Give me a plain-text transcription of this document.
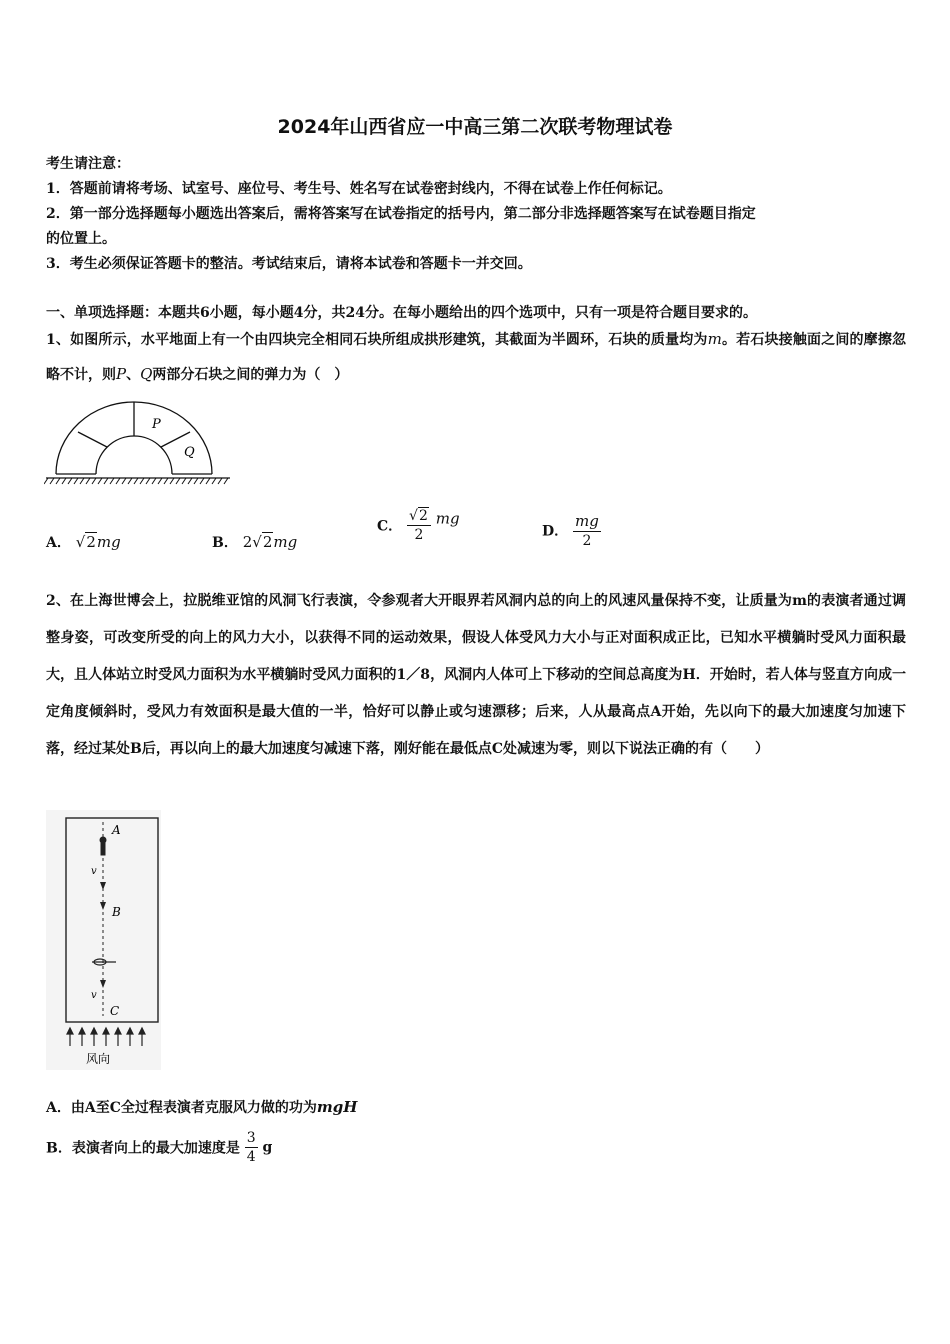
2024年山西省应一中高三第二次联考物理试卷
考生请注意：
1．答题前请将考场、试室号、座位号、考生号、姓名写在试卷密封线内，不得在试卷上作任何标记。
2．第一部分选择题每小题选出答案后，需将答案写在试卷指定的括号内，第二部分非选择题答案写在试卷题目指定
的位置上。
3．考生必须保证答题卡的整洁。考试结束后，请将本试卷和答题卡一并交回。
一、单项选择题：本题共6小题，每小题4分，共24分。在每小题给出的四个选项中，只有一项是符合题目要求的。
1、如图所示，水平地面上有一个由四块完全相同石块所组成拱形建筑，其截面为半圆环，石块的质量均为m。若石块接触面之间的摩擦忽略不计，则P、Q两部分石块之间的弹力为（　）
P
Q
A． √2mg	B． 2√2mg
C． $\frac{√2}{2}$ mg
D． $\frac{mg}{2}$
2、在上海世博会上，拉脱维亚馆的风洞飞行表演，令参观者大开眼界若风洞内总的向上的风速风量保持不变，让质量为m的表演者通过调整身姿，可改变所受的向上的风力大小，以获得不同的运动效果，假设人体受风力大小与正对面积成正比，已知水平横躺时受风力面积最大，且人体站立时受风力面积为水平横躺时受风力面积的1／8，风洞内人体可上下移动的空间总高度为H．开始时，若人体与竖直方向成一定角度倾斜时，受风力有效面积是最大值的一半，恰好可以静止或匀速漂移；后来，人从最高点A开始，先以向下的最大加速度匀加速下落，经过某处B后，再以向上的最大加速度匀减速下落，刚好能在最低点C处减速为零，则以下说法正确的有（　　）
A
v
B
v
C
风向
A．由A至C全过程表演者克服风力做的功为mgH
B．表演者向上的最大加速度是 $\frac{3}{4}$ g
